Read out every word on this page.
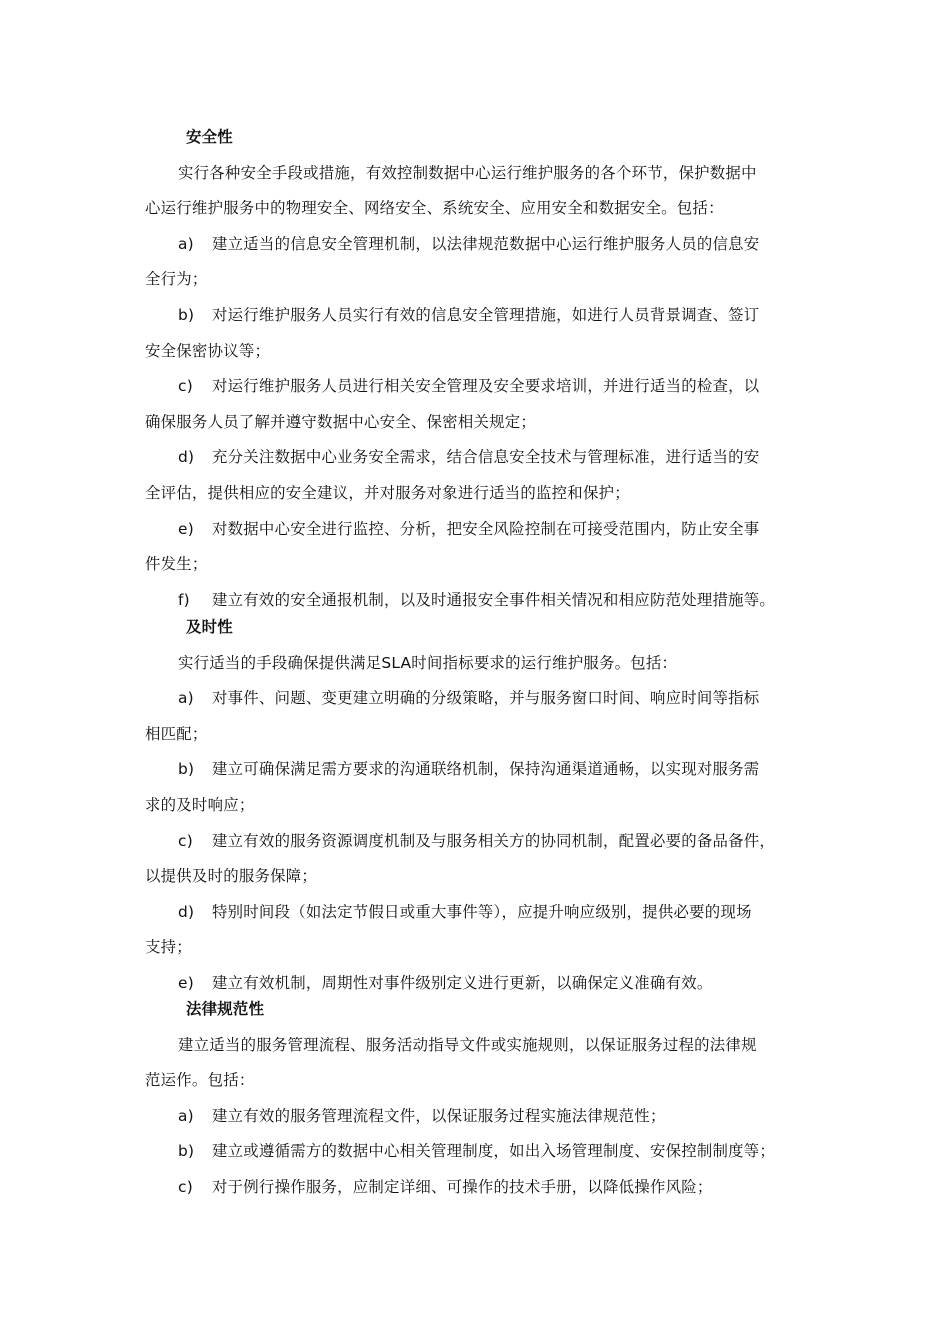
安全性
实行各种安全手段或措施，有效控制数据中心运行维护服务的各个环节，保护数据中
心运行维护服务中的物理安全、网络安全、系统安全、应用安全和数据安全。包括：
a) 建立适当的信息安全管理机制，以法律规范数据中心运行维护服务人员的信息安
全行为；
b) 对运行维护服务人员实行有效的信息安全管理措施，如进行人员背景调查、签订
安全保密协议等；
c) 对运行维护服务人员进行相关安全管理及安全要求培训，并进行适当的检查，以
确保服务人员了解并遵守数据中心安全、保密相关规定；
d) 充分关注数据中心业务安全需求，结合信息安全技术与管理标准，进行适当的安
全评估，提供相应的安全建议，并对服务对象进行适当的监控和保护；
e) 对数据中心安全进行监控、分析，把安全风险控制在可接受范围内，防止安全事
件发生；
f) 建立有效的安全通报机制，以及时通报安全事件相关情况和相应防范处理措施等。
及时性
实行适当的手段确保提供满足SLA时间指标要求的运行维护服务。包括：
a) 对事件、问题、变更建立明确的分级策略，并与服务窗口时间、响应时间等指标
相匹配；
b) 建立可确保满足需方要求的沟通联络机制，保持沟通渠道通畅，以实现对服务需
求的及时响应；
c) 建立有效的服务资源调度机制及与服务相关方的协同机制，配置必要的备品备件，
以提供及时的服务保障；
d) 特别时间段（如法定节假日或重大事件等），应提升响应级别，提供必要的现场
支持；
e) 建立有效机制，周期性对事件级别定义进行更新，以确保定义准确有效。
法律规范性
建立适当的服务管理流程、服务活动指导文件或实施规则，以保证服务过程的法律规
范运作。包括：
a) 建立有效的服务管理流程文件，以保证服务过程实施法律规范性；
b) 建立或遵循需方的数据中心相关管理制度，如出入场管理制度、安保控制制度等；
c) 对于例行操作服务，应制定详细、可操作的技术手册，以降低操作风险；
